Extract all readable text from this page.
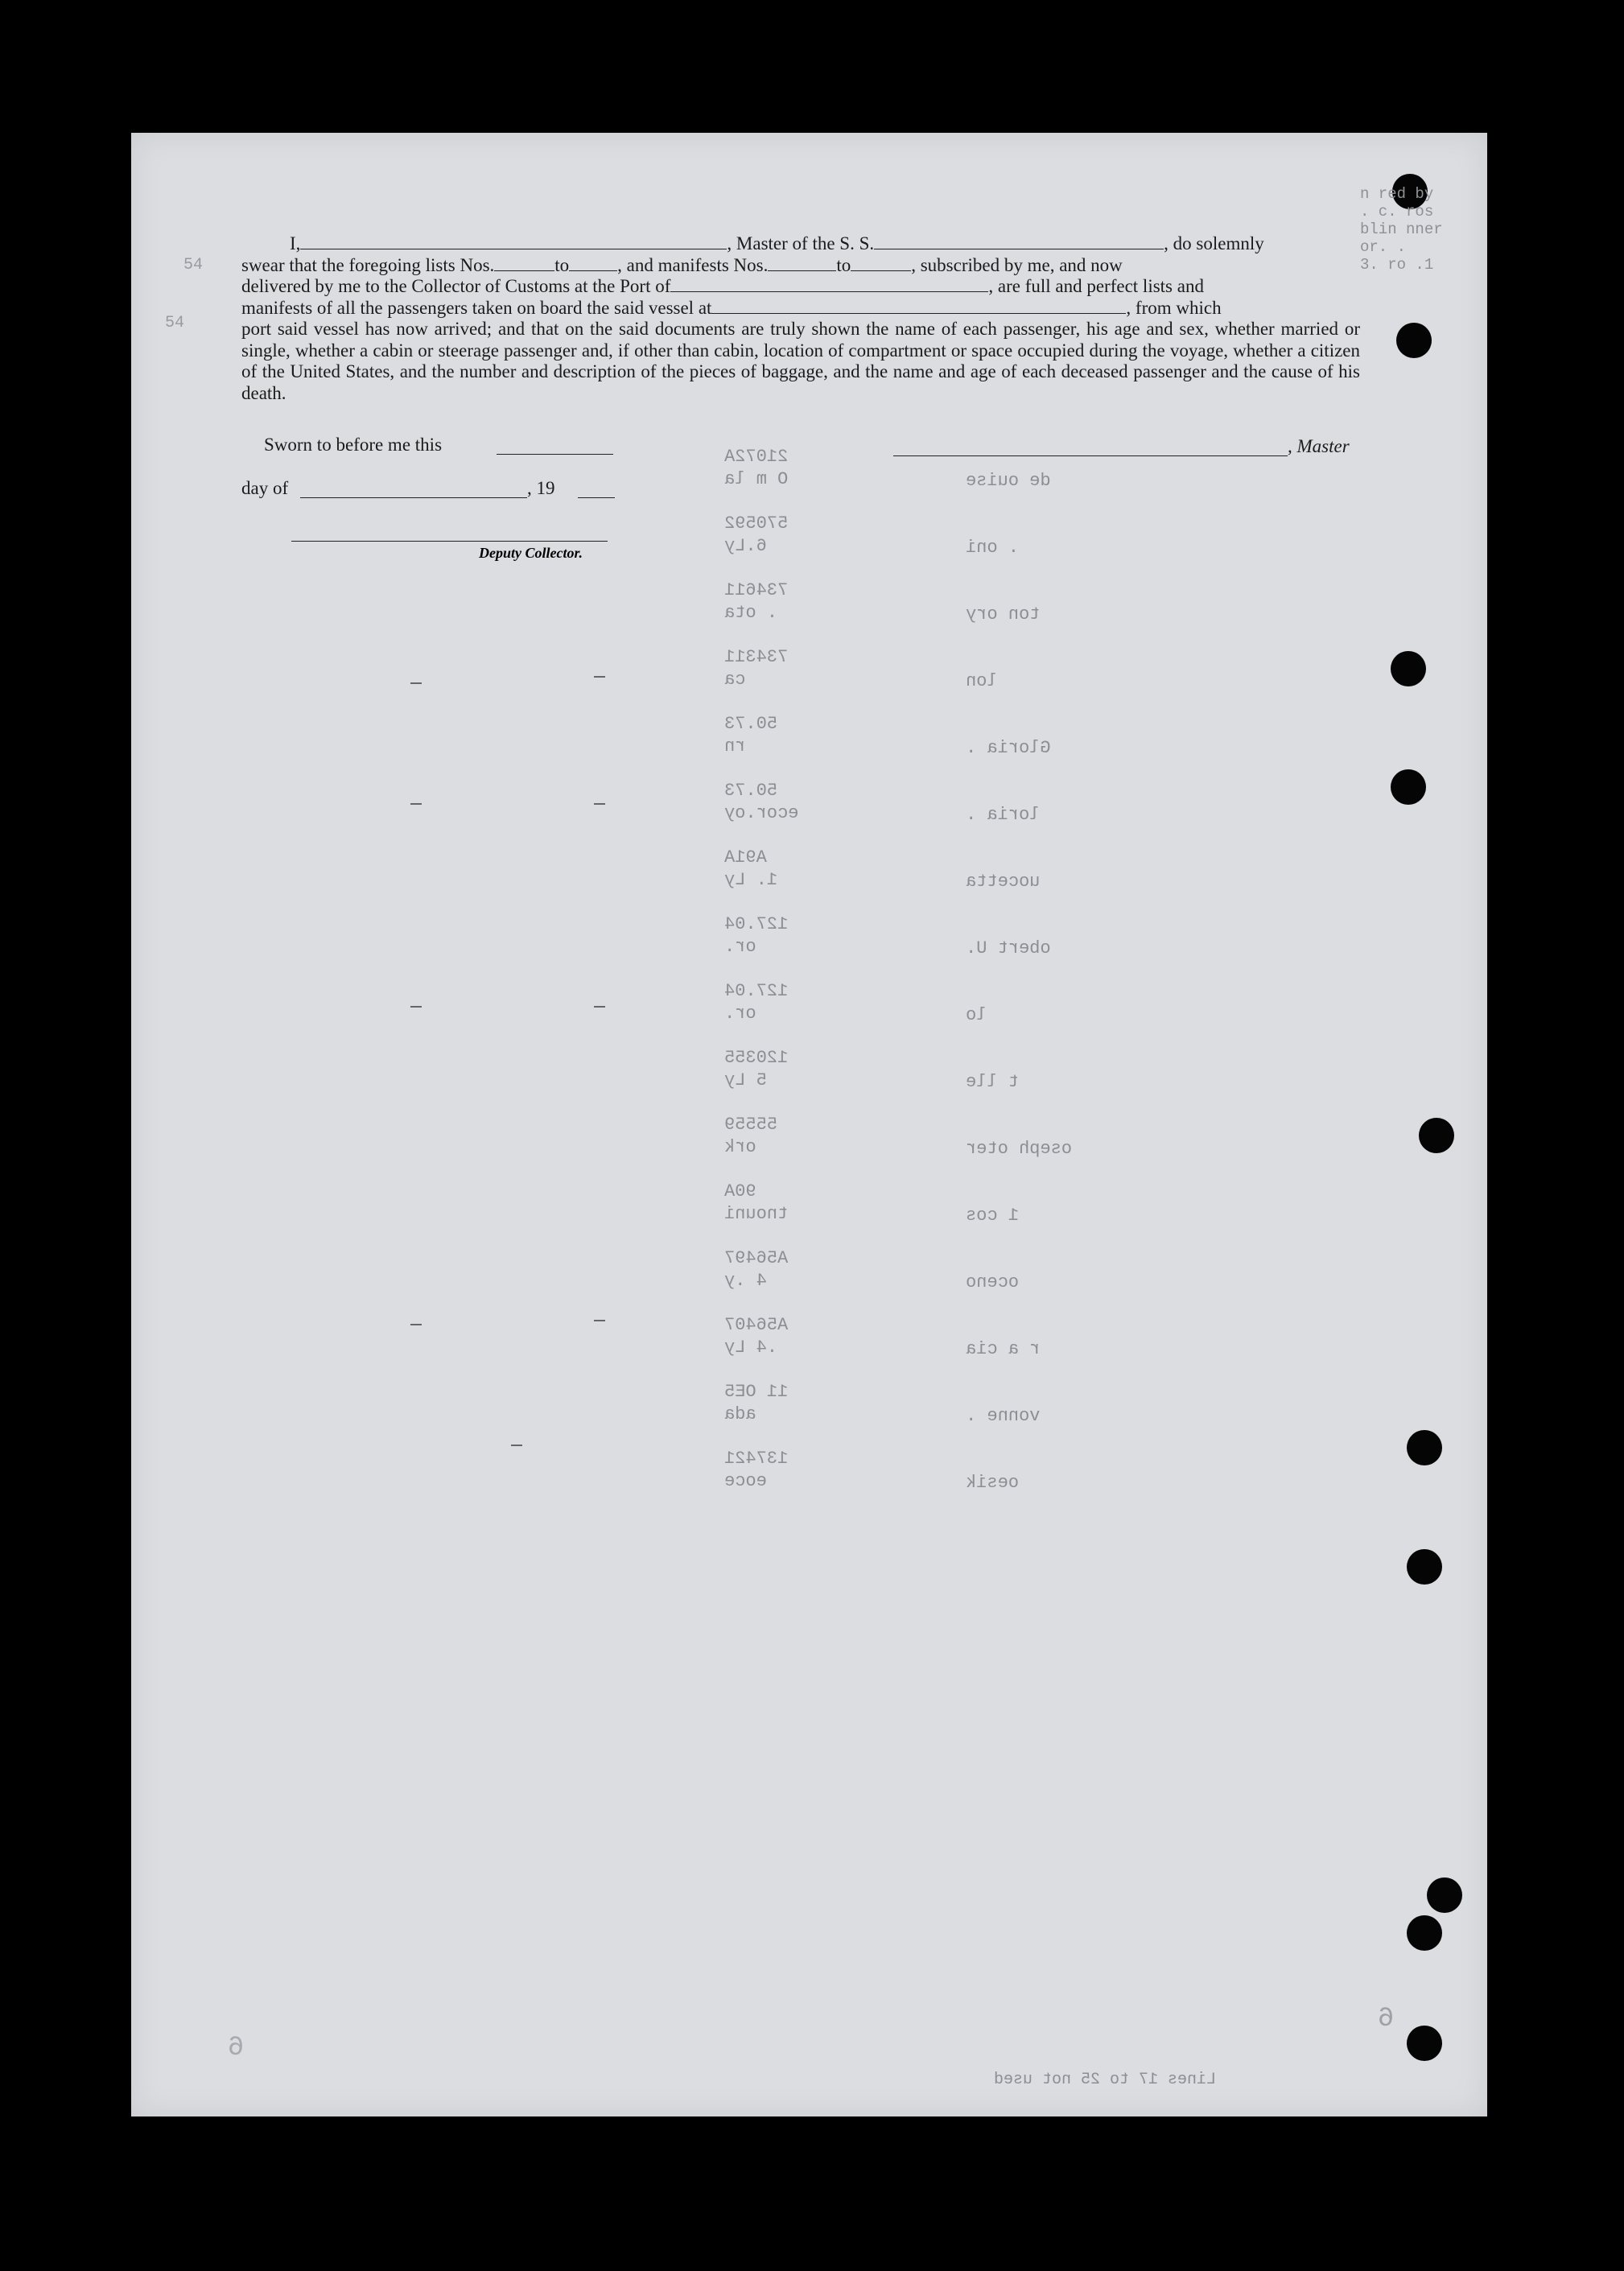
54
54
n red by
. c. ros
blin nner
or. .
3. ro .1
I,	, Master of the S. S.	, do solemnly
swear that the foregoing lists Nos.	to	, and manifests Nos.	to	, subscribed by me, and now
delivered by me to the Collector of Customs at the Port of	, are full and perfect lists and
manifests of all the passengers taken on board the said vessel at	, from which
port said vessel has now arrived; and that on the said documents are truly shown the name of each passenger, his age and sex, whether married or single, whether a cabin or steerage passenger and, if other than cabin, location of compartment or space occupied during the voyage, whether a citizen of the United States, and the number and description of the pieces of baggage, and the name and age of each deceased passenger and the cause of his death.
Sworn to before me this
day of	, 19
Deputy Collector.
, Master
21072A
O m la	de ouise
570592
6.Ly	. oni
734611
. ota	ton ory
734311
ca	lon
50.73
rn	Gloria .
50.73
ecor.oy	loria .
A91A
1. Ly	uocetta
127.04
or.	obert U.
127.04
or.	lo
120355
5 Ly	t lle
55559
ork	oseph oter
90A
tnouni	1 cos
A56497
4 .y	oceno
A56407
.4 Ly	r a cia
11 OE5
ada	vonne .
137421
eoce	oesik
Lines 17 to 25 not used
6
6
